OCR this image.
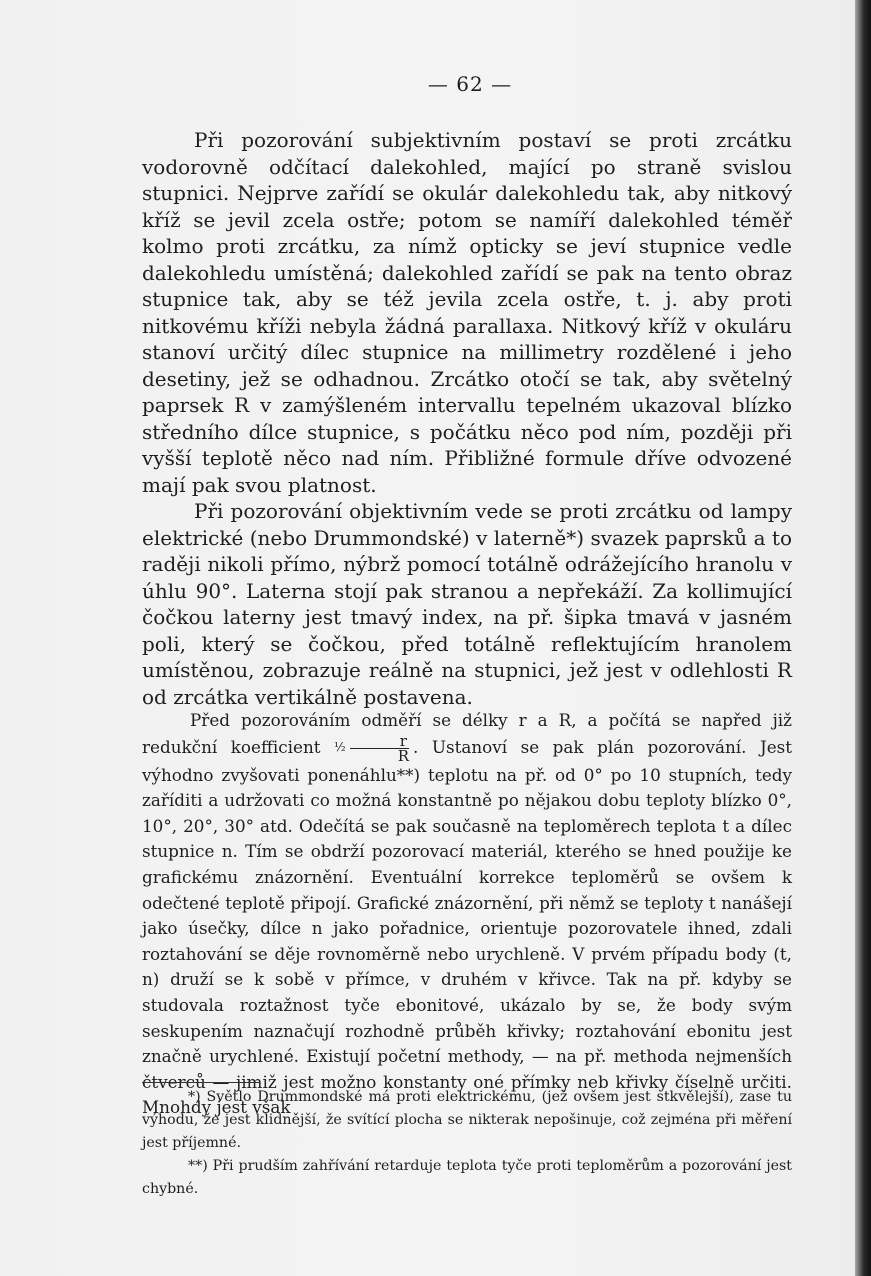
— 62 —

Při pozorování subjektivním postaví se proti zrcátku vodorovně odčítací dalekohled, mající po straně svislou stupnici. Nejprve zařídí se okulár dalekohledu tak, aby nitkový kříž se jevil zcela ostře; potom se namíří dalekohled téměř kolmo proti zrcátku, za nímž opticky se jeví stupnice vedle dalekohledu umístěná; dalekohled zařídí se pak na tento obraz stupnice tak, aby se též jevila zcela ostře, t. j. aby proti nitkovému kříži nebyla žádná parallaxa. Nitkový kříž v okuláru stanoví určitý dílec stupnice na millimetry rozdělené i jeho desetiny, jež se odhadnou. Zrcátko otočí se tak, aby světelný paprsek R v zamýšleném intervallu tepelném ukazoval blízko středního dílce stupnice, s počátku něco pod ním, později při vyšší teplotě něco nad ním. Přibližné formule dříve odvozené mají pak svou platnost.

Při pozorování objektivním vede se proti zrcátku od lampy elektrické (nebo Drummondské) v laterně*) svazek paprsků a to raději nikoli přímo, nýbrž pomocí totálně odrážejícího hranolu v úhlu 90°. Laterna stojí pak stranou a nepřekáží. Za kollimující čočkou laterny jest tmavý index, na př. šipka tmavá v jasném poli, který se čočkou, před totálně reflektujícím hranolem umístěnou, zobrazuje reálně na stupnici, jež jest v odlehlosti R od zrcátka vertikálně postavena.

Před pozorováním odměří se délky r a R, a počítá se napřed již redukční koefficient ½ $\frac{r}{R}$ . Ustanoví se pak plán pozorování. Jest výhodno zvyšovati ponenáhlu**) teplotu na př. od 0° po 10 stupních, tedy zaříditi a udržovati co možná konstantně po nějakou dobu teploty blízko 0°, 10°, 20°, 30° atd. Odečítá se pak současně na teploměrech teplota t a dílec stupnice n. Tím se obdrží pozorovací materiál, kterého se hned použije ke grafickému znázornění. Eventuální korrekce teploměrů se ovšem k odečtené teplotě připojí. Grafické znázornění, při němž se teploty t nanášejí jako úsečky, dílce n jako pořadnice, orientuje pozorovatele ihned, zdali roztahování se děje rovnoměrně nebo urychleně. V prvém případu body (t, n) druží se k sobě v přímce, v druhém v křivce. Tak na př. kdyby se studovala roztažnost tyče ebonitové, ukázalo by se, že body svým seskupením naznačují rozhodně průběh křivky; roztahování ebonitu jest značně urychlené. Existují početní methody, — na př. methoda nejmenších čtverců — jimiž jest možno konstanty oné přímky neb křivky číselně určiti. Mnohdy jest však

*) Světlo Drummondské má proti elektrickému, (jež ovšem jest stkvělejší), zase tu výhodu, že jest klidnější, že svítící plocha se nikterak nepošinuje, což zejména při měření jest příjemné.

**) Při prudším zahřívání retarduje teplota tyče proti teploměrům a pozorování jest chybné.
